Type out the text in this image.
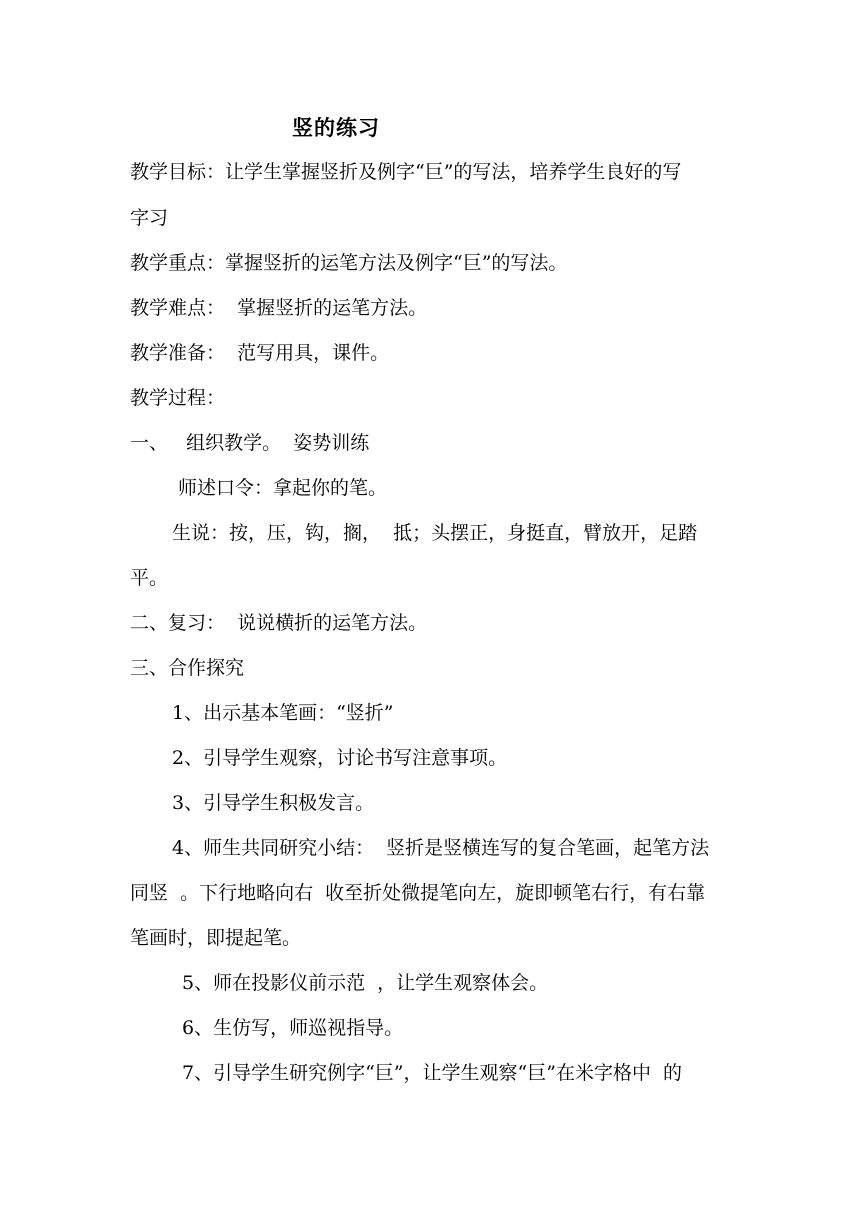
竖的练习
教学目标：让学生掌握竖折及例字“巨”的写法，培养学生良好的写
字习
教学重点：掌握竖折的运笔方法及例字“巨”的写法。
教学难点：  掌握竖折的运笔方法。
教学准备：  范写用具，课件。
教学过程：
一、   组织教学。  姿势训练
师述口令：拿起你的笔。
生说：按，压，钩，搁，  抵；头摆正，身挺直，臂放开，足踏
平。
二、复习：  说说横折的运笔方法。
三、合作探究
1、出示基本笔画：“竖折”
2、引导学生观察，讨论书写注意事项。
3、引导学生积极发言。
4、师生共同研究小结：  竖折是竖横连写的复合笔画，起笔方法
同竖  。下行地略向右  收至折处微提笔向左，旋即顿笔右行，有右靠
笔画时，即提起笔。
5、师在投影仪前示范  ，让学生观察体会。
6、生仿写，师巡视指导。
7、引导学生研究例字“巨”，让学生观察“巨”在米字格中  的
